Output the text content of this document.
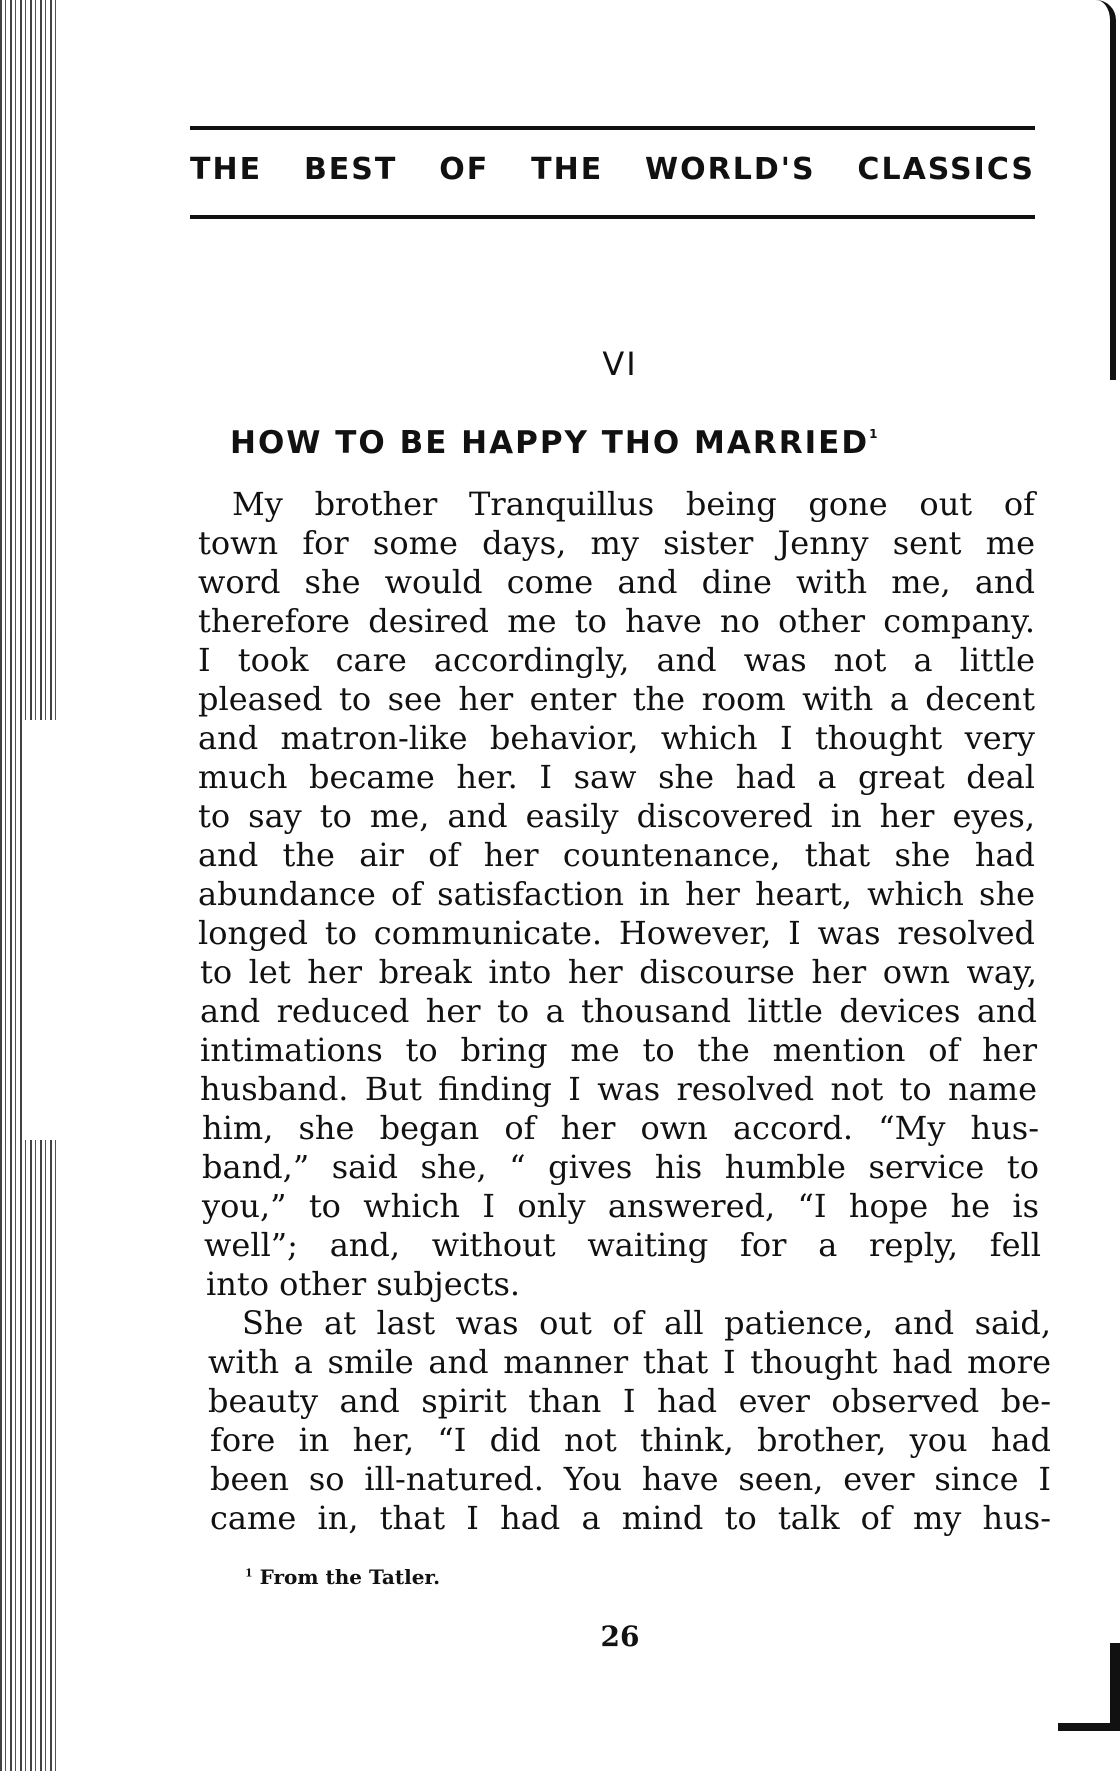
THE BEST OF THE WORLD'S CLASSICS
VI
HOW TO BE HAPPY THO MARRIED$^1$
My brother Tranquillus being gone out of
town for some days, my sister Jenny sent me
word she would come and dine with me, and
therefore desired me to have no other company.
I took care accordingly, and was not a little
pleased to see her enter the room with a decent
and matron-like behavior, which I thought very
much became her. I saw she had a great deal
to say to me, and easily discovered in her eyes,
and the air of her countenance, that she had
abundance of satisfaction in her heart, which she
longed to communicate. However, I was resolved
to let her break into her discourse her own way,
and reduced her to a thousand little devices and
intimations to bring me to the mention of her
husband. But finding I was resolved not to name
him, she began of her own accord. “My hus-
band,” said she, “ gives his humble service to
you,” to which I only answered, “I hope he is
well”; and, without waiting for a reply, fell
into other subjects.
She at last was out of all patience, and said,
with a smile and manner that I thought had more
beauty and spirit than I had ever observed be-
fore in her, “I did not think, brother, you had
been so ill-natured. You have seen, ever since I
came in, that I had a mind to talk of my hus-
$^1$ From the Tatler.
26
